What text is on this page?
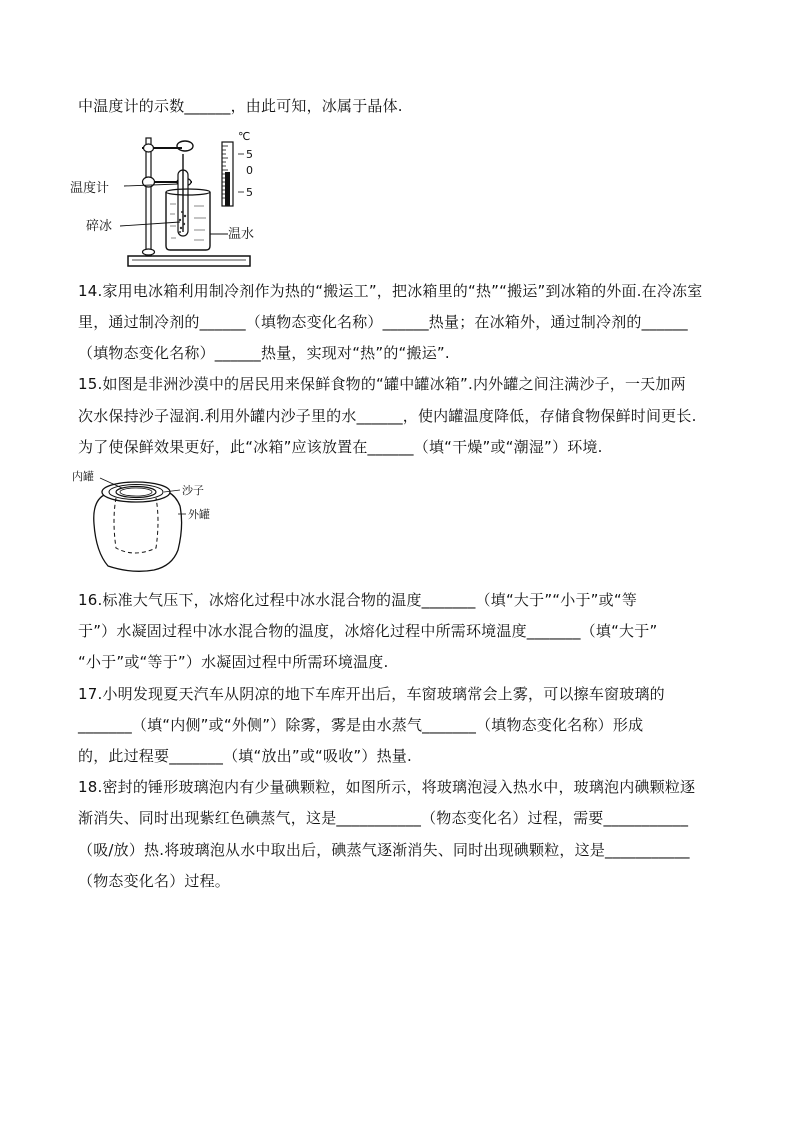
中温度计的示数______，由此可知，冰属于晶体.
温度计
碎冰
温水
℃
5
0
5
14.家用电冰箱利用制冷剂作为热的“搬运工”，把冰箱里的“热”“搬运”到冰箱的外面.在冷冻室
里，通过制冷剂的______（填物态变化名称）______热量；在冰箱外，通过制冷剂的______
（填物态变化名称）______热量，实现对“热”的“搬运”.
15.如图是非洲沙漠中的居民用来保鲜食物的“罐中罐冰箱”.内外罐之间注满沙子，一天加两
次水保持沙子湿润.利用外罐内沙子里的水______，使内罐温度降低，存储食物保鲜时间更长.
为了使保鲜效果更好，此“冰箱”应该放置在______（填“干燥”或“潮湿”）环境.
内罐
沙子
外罐
16.标准大气压下，冰熔化过程中冰水混合物的温度_______（填“大于”“小于”或“等
于”）水凝固过程中冰水混合物的温度，冰熔化过程中所需环境温度_______（填“大于”
“小于”或“等于”）水凝固过程中所需环境温度.
17.小明发现夏天汽车从阴凉的地下车库开出后，车窗玻璃常会上雾，可以擦车窗玻璃的
_______（填“内侧”或“外侧”）除雾，雾是由水蒸气_______（填物态变化名称）形成
的，此过程要_______（填“放出”或“吸收”）热量.
18.密封的锤形玻璃泡内有少量碘颗粒，如图所示，将玻璃泡浸入热水中，玻璃泡内碘颗粒逐
渐消失、同时出现紫红色碘蒸气，这是___________（物态变化名）过程，需要___________
（吸/放）热.将玻璃泡从水中取出后，碘蒸气逐渐消失、同时出现碘颗粒，这是___________
（物态变化名）过程。
